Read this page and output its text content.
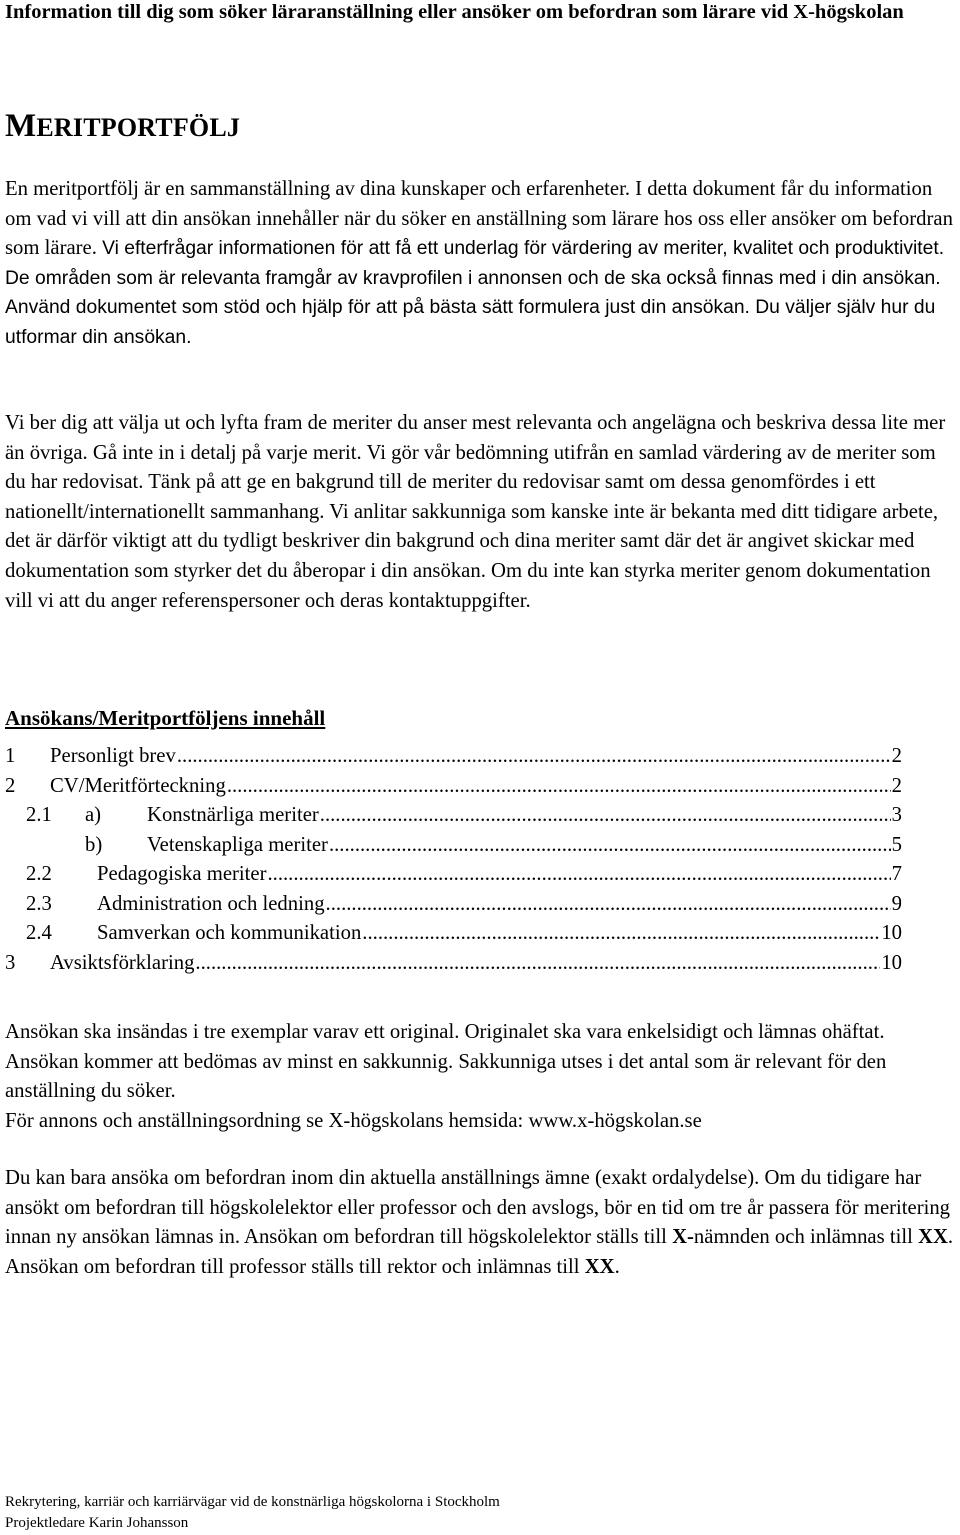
Information till dig som söker läraranställning eller ansöker om befordran som lärare vid X-högskolan
MERITPORTFÖLJ
En meritportfölj är en sammanställning av dina kunskaper och erfarenheter. I detta dokument får du information om vad vi vill att din ansökan innehåller när du söker en anställning som lärare hos oss eller ansöker om befordran som lärare. Vi efterfrågar informationen för att få ett underlag för värdering av meriter, kvalitet och produktivitet. De områden som är relevanta framgår av kravprofilen i annonsen och de ska också finnas med i din ansökan. Använd dokumentet som stöd och hjälp för att på bästa sätt formulera just din ansökan. Du väljer själv hur du utformar din ansökan.
Vi ber dig att välja ut och lyfta fram de meriter du anser mest relevanta och angelägna och beskriva dessa lite mer än övriga. Gå inte in i detalj på varje merit. Vi gör vår bedömning utifrån en samlad värdering av de meriter som du har redovisat. Tänk på att ge en bakgrund till de meriter du redovisar samt om dessa genomfördes i ett nationellt/internationellt sammanhang. Vi anlitar sakkunniga som kanske inte är bekanta med ditt tidigare arbete, det är därför viktigt att du tydligt beskriver din bakgrund och dina meriter samt där det är angivet skickar med dokumentation som styrker det du åberopar i din ansökan. Om du inte kan styrka meriter genom dokumentation vill vi att du anger referenspersoner och deras kontaktuppgifter.
Ansökans/Meritportföljens innehåll
1	Personligt brev .....	2
2	CV/Meritförteckning .....	2
2.1	a)	Konstnärliga meriter .....	3
b)	Vetenskapliga meriter .....	5
2.2	Pedagogiska meriter .....	7
2.3	Administration och ledning .....	9
2.4	Samverkan och kommunikation .....	10
3	Avsiktsförklaring .....	10
Ansökan ska insändas i tre exemplar varav ett original. Originalet ska vara enkelsidigt och lämnas ohäftat. Ansökan kommer att bedömas av minst en sakkunnig. Sakkunniga utses i det antal som är relevant för den anställning du söker.
För annons och anställningsordning se X-högskolans hemsida: www.x-högskolan.se
Du kan bara ansöka om befordran inom din aktuella anställnings ämne (exakt ordalydelse). Om du tidigare har ansökt om befordran till högskolelektor eller professor och den avslogs, bör en tid om tre år passera för meritering innan ny ansökan lämnas in. Ansökan om befordran till högskolelektor ställs till X-nämnden och inlämnas till XX. Ansökan om befordran till professor ställs till rektor och inlämnas till XX.
Rekrytering, karriär och karriärvägar vid de konstnärliga högskolorna i Stockholm
Projektledare Karin Johansson
